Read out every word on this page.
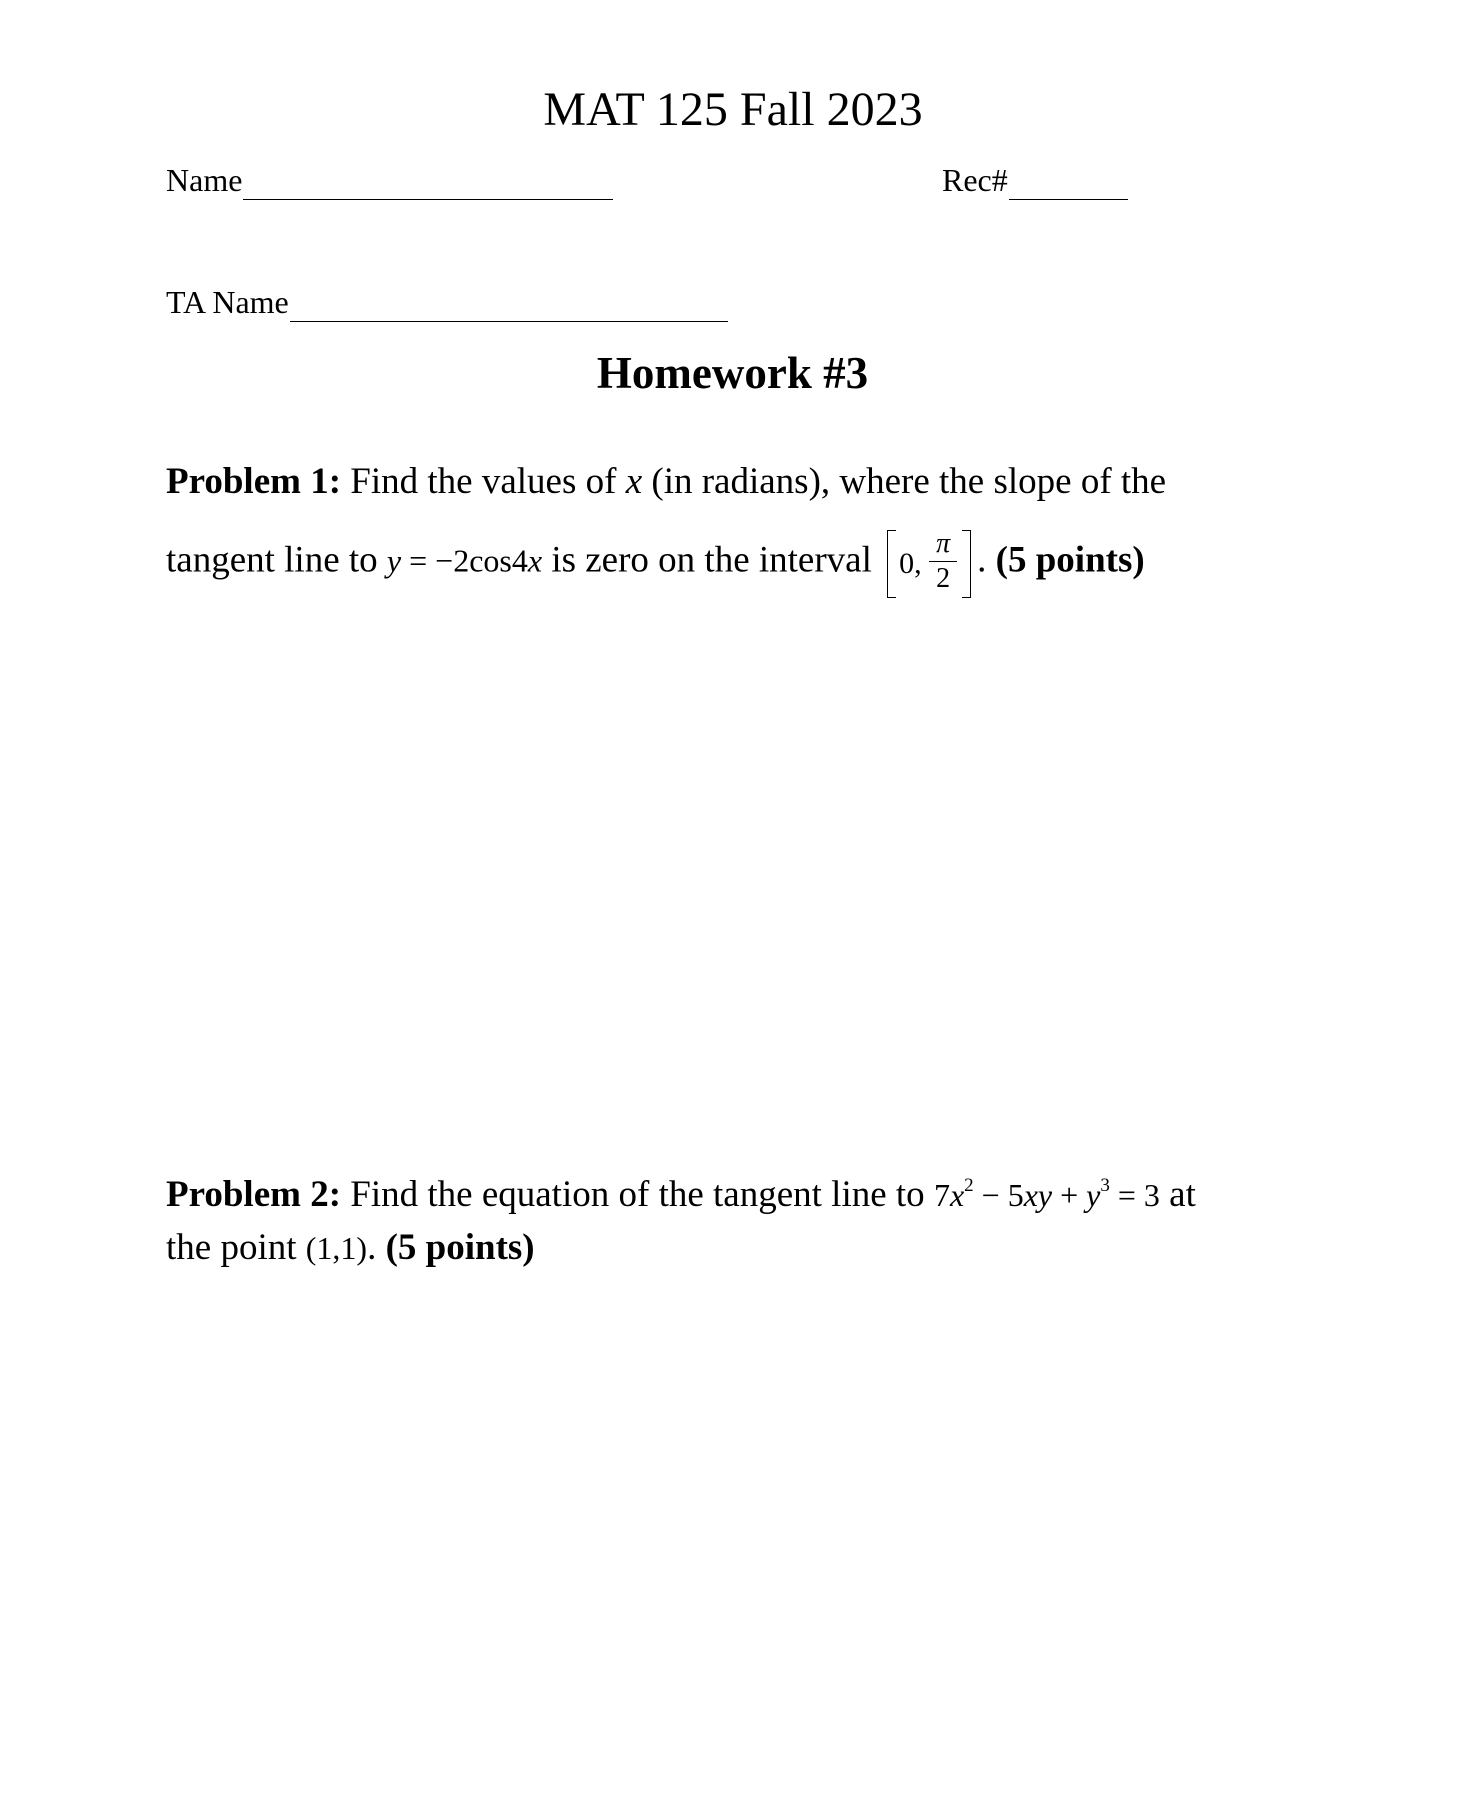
MAT 125 Fall 2023
Name	Rec#
TA Name
Homework #3
Problem 1: Find the values of x (in radians), where the slope of the
tangent line to y = −2cos4x is zero on the interval 0,
π
2 . (5 points)
Problem 2: Find the equation of the tangent line to $7x^2 - 5xy + y^3 = 3$ at
the point (1,1). (5 points)
